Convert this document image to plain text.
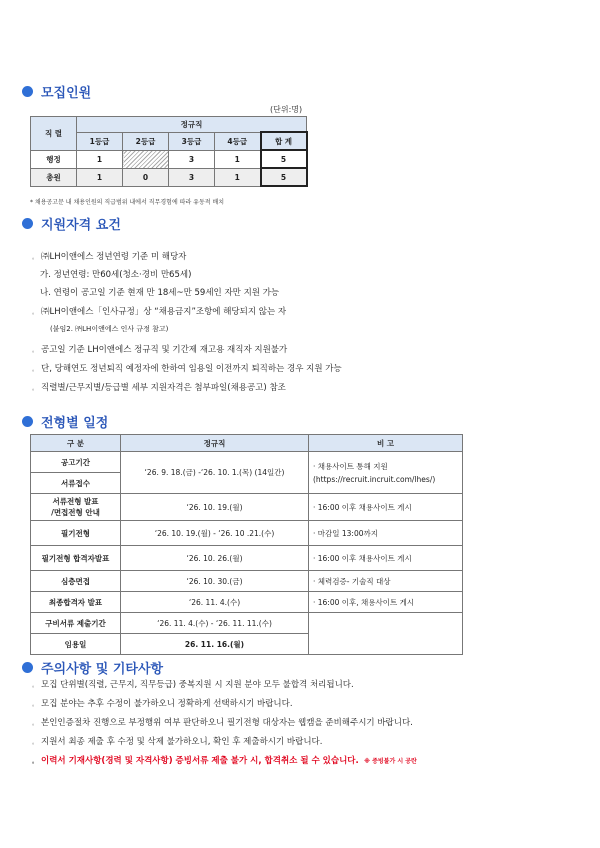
모집인원
(단위:명)
직 렬	정규직				
	1등급	2등급	3등급	4등급	합 계
행정	1		3	1	5
총원	1	0	3	1	5
* 채용공고문 내 채용인원의 직급범위 내에서 직무경험에 따라 유동적 배치
지원자격 요건
。 ㈜LH이앤에스 정년연령 기준 미 해당자
가. 정년연령: 만60세(청소·경비 만65세)
나. 연령이 공고일 기준 현재 만 18세~만 59세인 자만 지원 가능
。 ㈜LH이앤에스「인사규정」상 “채용금지”조항에 해당되지 않는 자
(붙임2. ㈜LH이앤에스 인사 규정 참고)
。 공고일 기준 LH이앤에스 정규직 및 기간제 재고용 재직자 지원불가
。 단, 당해연도 정년퇴직 예정자에 한하여 임용일 이전까지 퇴직하는 경우 지원 가능
。 직렬별/근무지별/등급별 세부 지원자격은 첨부파일(채용공고) 참조
전형별 일정
구 분	정규직	비 고
공고기간	‘26. 9. 18.(금) -‘26. 10. 1.(목) (14일간)	· 채용사이트 통해 지원
(https://recruit.incruit.com/lhes/)
서류접수		
서류전형 발표
/면접전형 안내	‘26. 10. 19.(월)	· 16:00 이후 채용사이트 게시
필기전형	‘26. 10. 19.(월) - ‘26. 10 .21.(수)	· 마감일 13:00까지
필기전형 합격자발표	‘26. 10. 26.(월)	· 16:00 이후 채용사이트 게시
심층면접	‘26. 10. 30.(금)	· 체력검증- 기술직 대상
최종합격자 발표	‘26. 11. 4.(수)	· 16:00 이후, 채용사이트 게시
구비서류 제출기간	‘26. 11. 4.(수) - ‘26. 11. 11.(수)	
임용일	26. 11. 16.(월)	
주의사항 및 기타사항
。 모집 단위별(직렬, 근무지, 직무등급) 중복지원 시 지원 분야 모두 불합격 처리됩니다.
。 모집 분야는 추후 수정이 불가하오니 정확하게 선택하시기 바랍니다.
。 본인인증절차 진행으로 부정행위 여부 판단하오니 필기전형 대상자는 웹캠을 준비해주시기 바랍니다.
。 지원서 최종 제출 후 수정 및 삭제 불가하오니, 확인 후 제출하시기 바랍니다.
。 이력서 기재사항(경력 및 자격사항) 증빙서류 제출 불가 시, 합격취소 될 수 있습니다. ※ 증빙불가 시 공란
